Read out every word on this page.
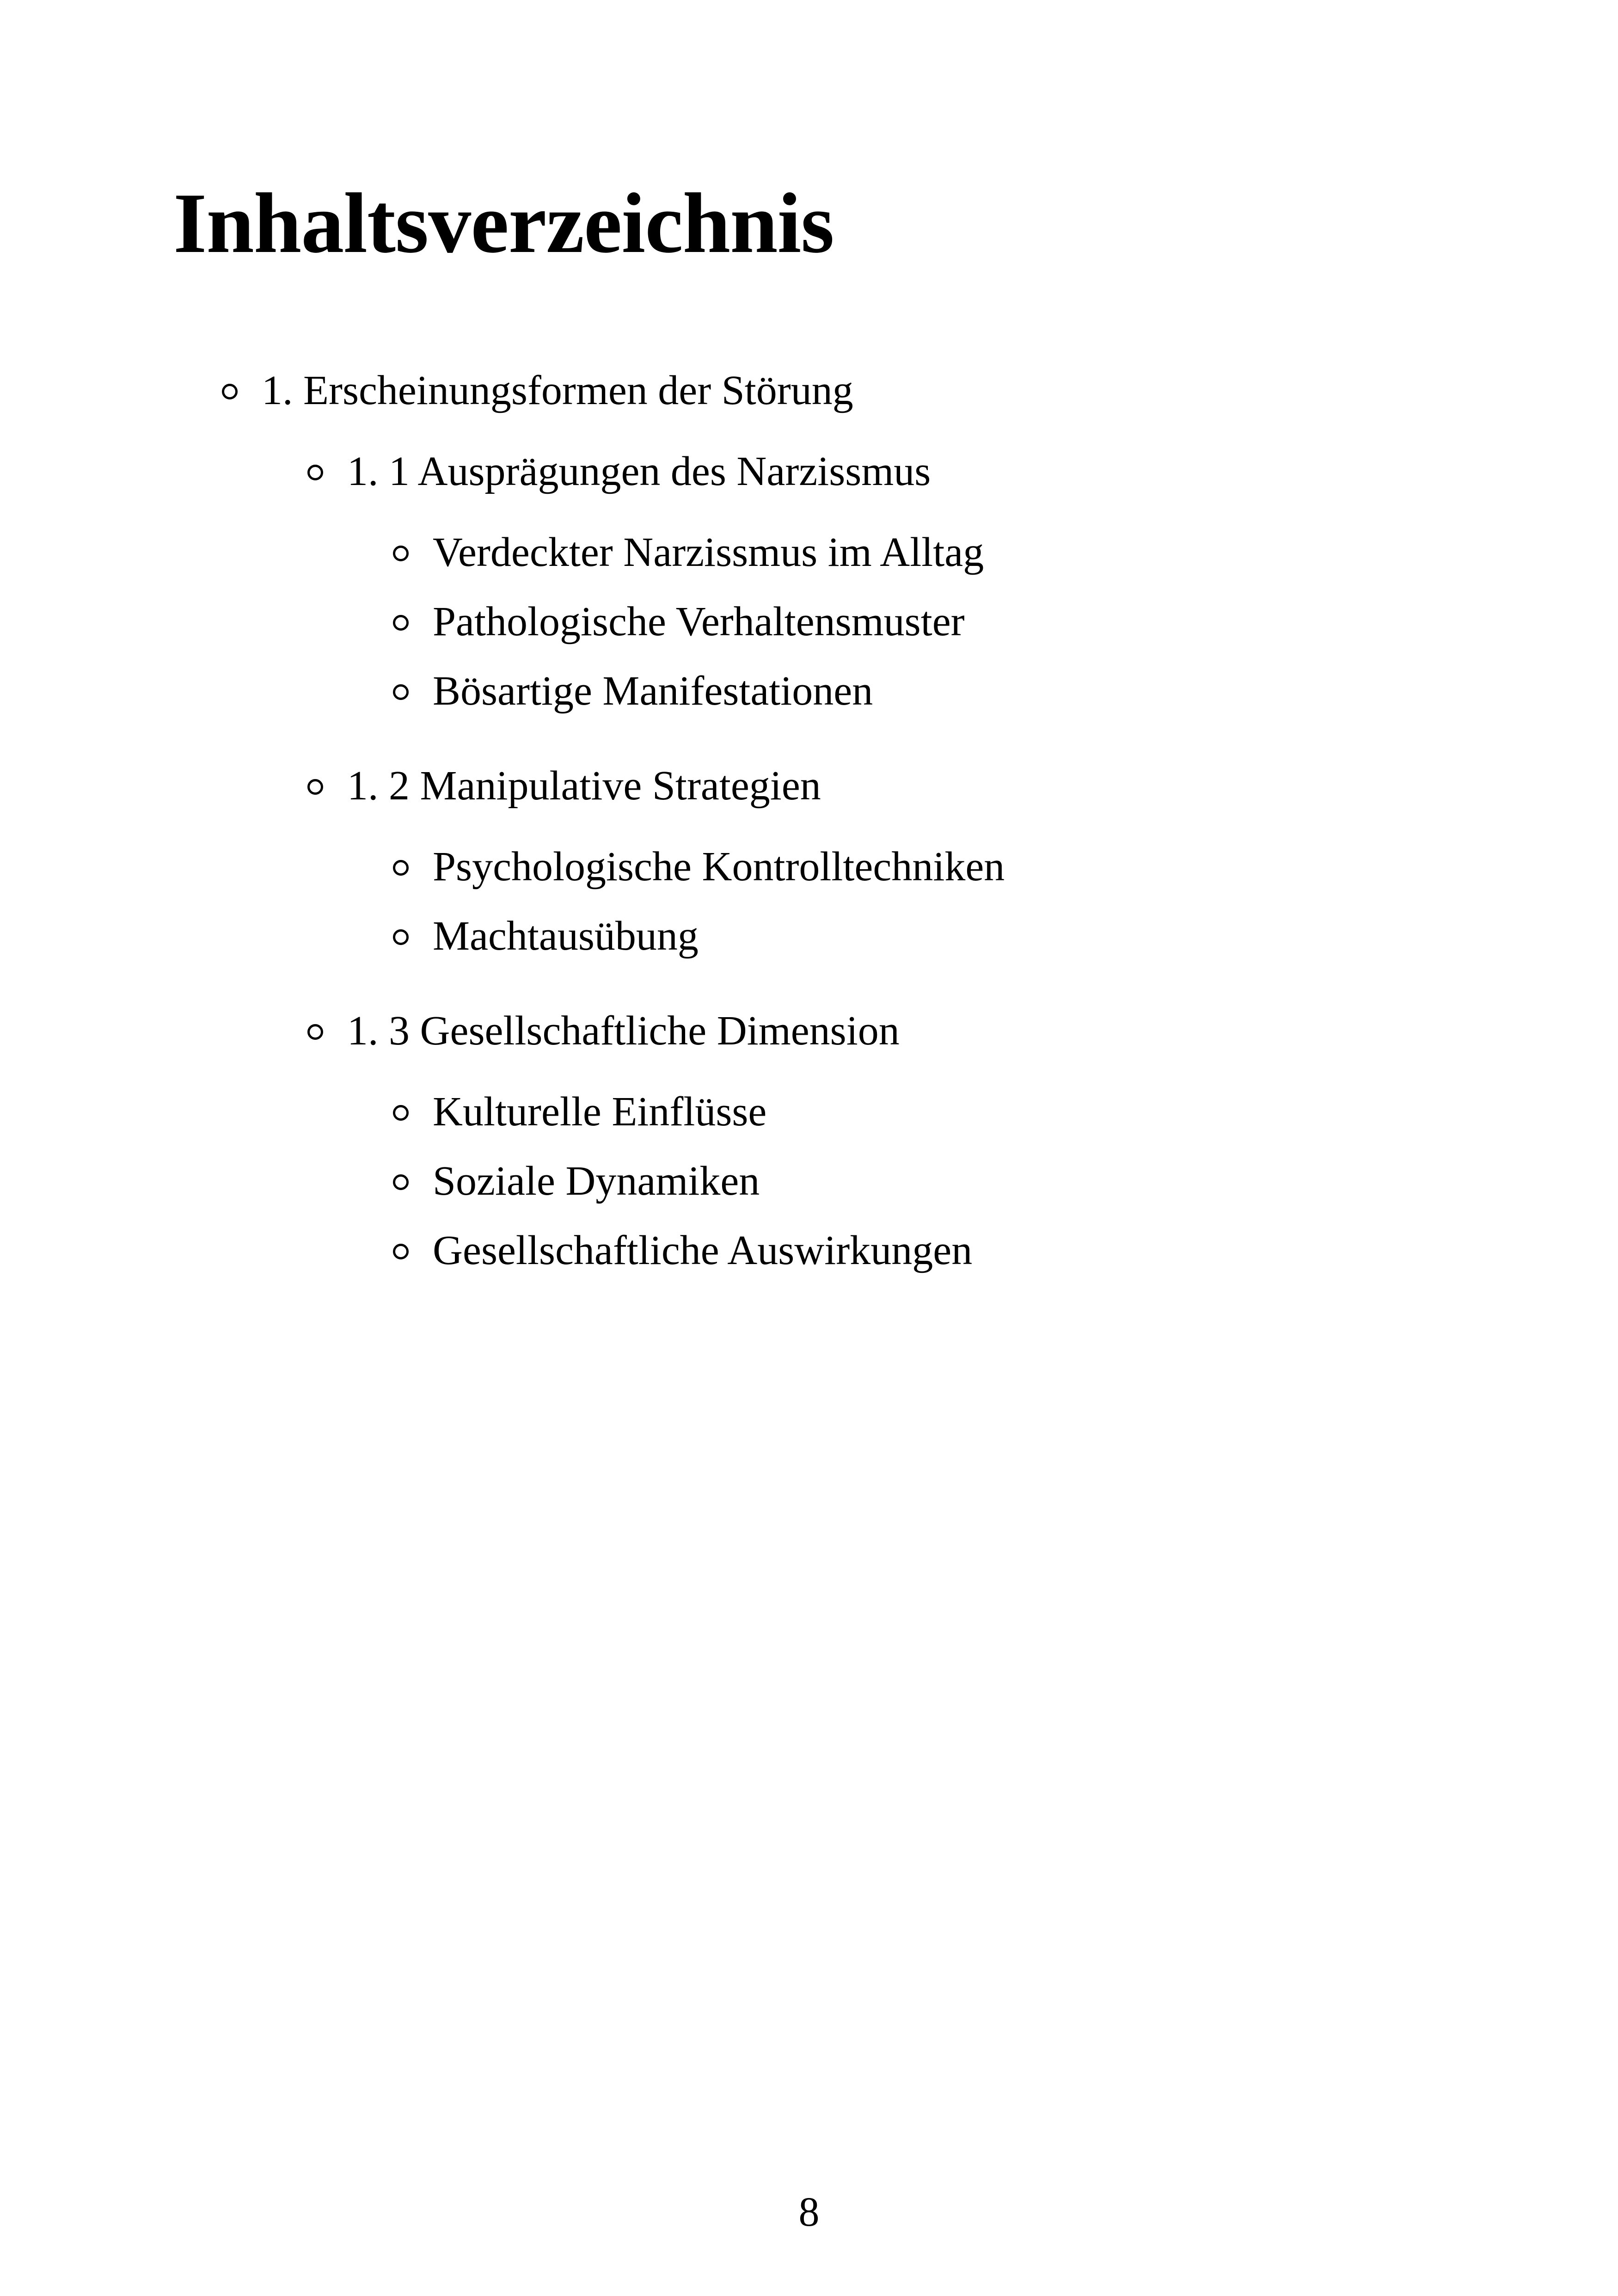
Inhaltsverzeichnis
1. Erscheinungsformen der Störung
1. 1 Ausprägungen des Narzissmus
Verdeckter Narzissmus im Alltag
Pathologische Verhaltensmuster
Bösartige Manifestationen
1. 2 Manipulative Strategien
Psychologische Kontrolltechniken
Machtausübung
1. 3 Gesellschaftliche Dimension
Kulturelle Einflüsse
Soziale Dynamiken
Gesellschaftliche Auswirkungen
8
